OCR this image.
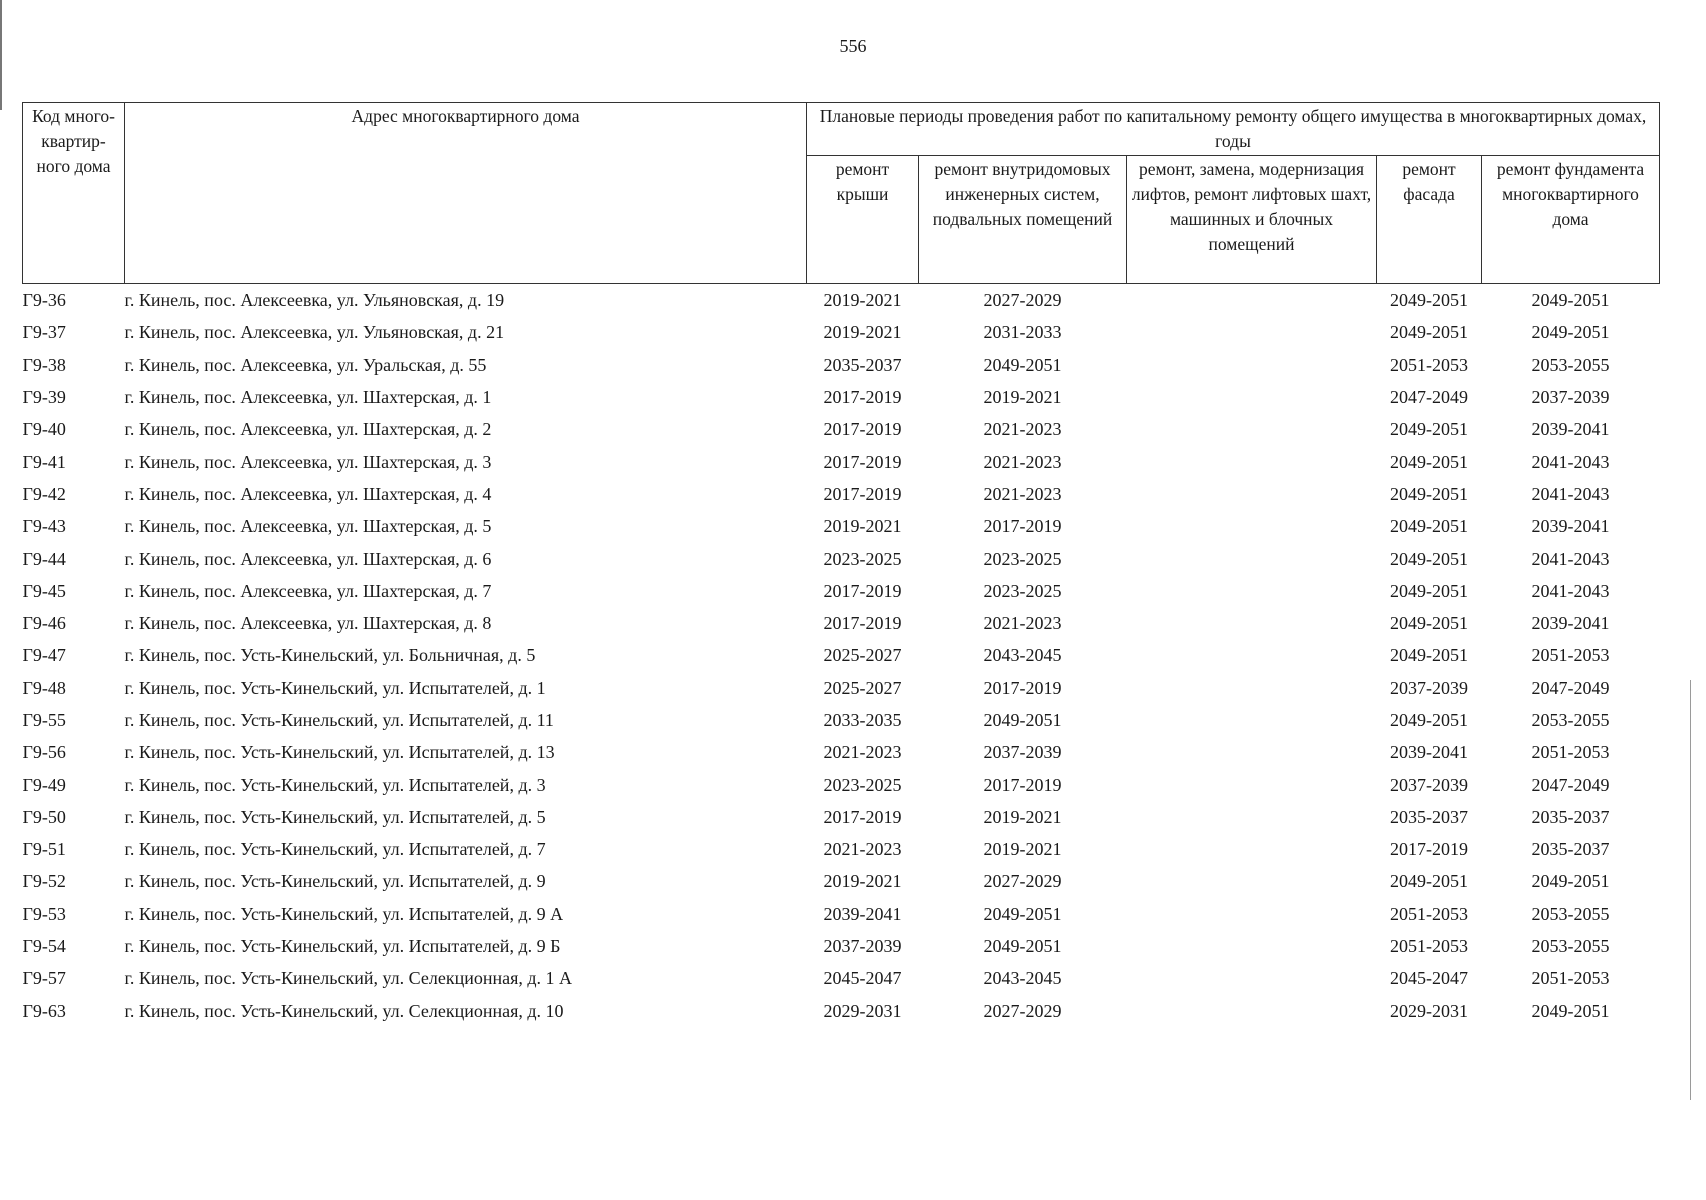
556
Код много-квартир-ного дома	Адрес многоквартирного дома	Плановые периоды проведения работ по капитальному ремонту общего имущества в многоквартирных домах, годы				
		ремонт крыши	ремонт внутридомовых инженерных систем, подвальных помещений	ремонт, замена, модернизация лифтов, ремонт лифтовых шахт, машинных и блочных помещений	ремонт фасада	ремонт фундамента многоквартирного дома
Г9-36	г. Кинель, пос. Алексеевка, ул. Ульяновская, д. 19	2019-2021	2027-2029		2049-2051	2049-2051
Г9-37	г. Кинель, пос. Алексеевка, ул. Ульяновская, д. 21	2019-2021	2031-2033		2049-2051	2049-2051
Г9-38	г. Кинель, пос. Алексеевка, ул. Уральская, д. 55	2035-2037	2049-2051		2051-2053	2053-2055
Г9-39	г. Кинель, пос. Алексеевка, ул. Шахтерская, д. 1	2017-2019	2019-2021		2047-2049	2037-2039
Г9-40	г. Кинель, пос. Алексеевка, ул. Шахтерская, д. 2	2017-2019	2021-2023		2049-2051	2039-2041
Г9-41	г. Кинель, пос. Алексеевка, ул. Шахтерская, д. 3	2017-2019	2021-2023		2049-2051	2041-2043
Г9-42	г. Кинель, пос. Алексеевка, ул. Шахтерская, д. 4	2017-2019	2021-2023		2049-2051	2041-2043
Г9-43	г. Кинель, пос. Алексеевка, ул. Шахтерская, д. 5	2019-2021	2017-2019		2049-2051	2039-2041
Г9-44	г. Кинель, пос. Алексеевка, ул. Шахтерская, д. 6	2023-2025	2023-2025		2049-2051	2041-2043
Г9-45	г. Кинель, пос. Алексеевка, ул. Шахтерская, д. 7	2017-2019	2023-2025		2049-2051	2041-2043
Г9-46	г. Кинель, пос. Алексеевка, ул. Шахтерская, д. 8	2017-2019	2021-2023		2049-2051	2039-2041
Г9-47	г. Кинель, пос. Усть-Кинельский, ул. Больничная, д. 5	2025-2027	2043-2045		2049-2051	2051-2053
Г9-48	г. Кинель, пос. Усть-Кинельский, ул. Испытателей, д. 1	2025-2027	2017-2019		2037-2039	2047-2049
Г9-55	г. Кинель, пос. Усть-Кинельский, ул. Испытателей, д. 11	2033-2035	2049-2051		2049-2051	2053-2055
Г9-56	г. Кинель, пос. Усть-Кинельский, ул. Испытателей, д. 13	2021-2023	2037-2039		2039-2041	2051-2053
Г9-49	г. Кинель, пос. Усть-Кинельский, ул. Испытателей, д. 3	2023-2025	2017-2019		2037-2039	2047-2049
Г9-50	г. Кинель, пос. Усть-Кинельский, ул. Испытателей, д. 5	2017-2019	2019-2021		2035-2037	2035-2037
Г9-51	г. Кинель, пос. Усть-Кинельский, ул. Испытателей, д. 7	2021-2023	2019-2021		2017-2019	2035-2037
Г9-52	г. Кинель, пос. Усть-Кинельский, ул. Испытателей, д. 9	2019-2021	2027-2029		2049-2051	2049-2051
Г9-53	г. Кинель, пос. Усть-Кинельский, ул. Испытателей, д. 9 А	2039-2041	2049-2051		2051-2053	2053-2055
Г9-54	г. Кинель, пос. Усть-Кинельский, ул. Испытателей, д. 9 Б	2037-2039	2049-2051		2051-2053	2053-2055
Г9-57	г. Кинель, пос. Усть-Кинельский, ул. Селекционная, д. 1 А	2045-2047	2043-2045		2045-2047	2051-2053
Г9-63	г. Кинель, пос. Усть-Кинельский, ул. Селекционная, д. 10	2029-2031	2027-2029		2029-2031	2049-2051
